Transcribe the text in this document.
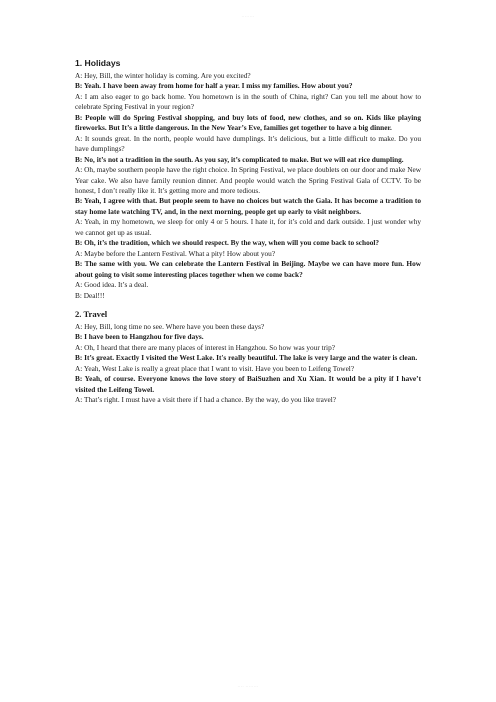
········
1. Holidays

A: Hey, Bill, the winter holiday is coming. Are you excited?

B: Yeah. I have been away from home for half a year. I miss my families. How about you?

A: I am also eager to go back home. You hometown is in the south of China, right? Can you tell me about how to celebrate Spring Festival in your region?

B: People will do Spring Festival shopping, and buy lots of food, new clothes, and so on. Kids like playing fireworks. But It’s a little dangerous. In the New Year’s Eve, families get together to have a big dinner.

A: It sounds great. In the north, people would have dumplings. It’s delicious, but a little difficult to make. Do you have dumplings?

B: No, it’s not a tradition in the south. As you say, it’s complicated to make. But we will eat rice dumpling.

A: Oh, maybe southern people have the right choice. In Spring Festival, we place doublets on our door and make New Year cake. We also have family reunion dinner. And people would watch the Spring Festival Gala of CCTV. To be honest, I don’t really like it. It’s getting more and more tedious.

B: Yeah, I agree with that. But people seem to have no choices but watch the Gala. It has become a tradition to stay home late watching TV, and, in the next morning, people get up early to visit neighbors.

A: Yeah, in my hometown, we sleep for only 4 or 5 hours. I hate it, for it’s cold and dark outside. I just wonder why we cannot get up as usual.

B: Oh, it’s the tradition, which we should respect. By the way, when will you come back to school?

A: Maybe before the Lantern Festival. What a pity! How about you?

B: The same with you. We can celebrate the Lantern Festival in Beijing. Maybe we can have more fun. How about going to visit some interesting places together when we come back?

A: Good idea. It’s a deal.

B: Deal!!!

2. Travel

A: Hey, Bill, long time no see. Where have you been these days?

B: I have been to Hangzhou for five days.

A: Oh, I heard that there are many places of interest in Hangzhou. So how was your trip?

B: It’s great. Exactly I visited the West Lake. It's really beautiful. The lake is very large and the water is clean.

A: Yeah, West Lake is really a great place that I want to visit. Have you been to Leifeng Towel?

B: Yeah, of course. Everyone knows the love story of BaiSuzhen and Xu Xian. It would be a pity if I have’t visited the Leifeng Towel.

A: That’s right. I must have a visit there if I had a chance. By the way, do you like travel?

···· ········
